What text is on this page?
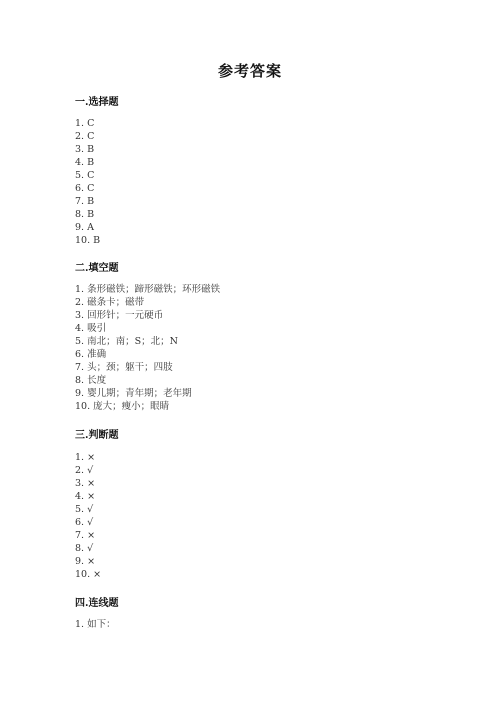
参考答案
一.选择题
1. C
2. C
3. B
4. B
5. C
6. C
7. B
8. B
9. A
10. B
二.填空题
1. 条形磁铁；蹄形磁铁；环形磁铁
2. 磁条卡；磁带
3. 回形针；一元硬币
4. 吸引
5. 南北；南；S；北；N
6. 准确
7. 头；颈；躯干；四肢
8. 长度
9. 婴儿期；青年期；老年期
10. 庞大；瘦小；眼睛
三.判断题
1. ×
2. √
3. ×
4. ×
5. √
6. √
7. ×
8. √
9. ×
10. ×
四.连线题
1. 如下：
